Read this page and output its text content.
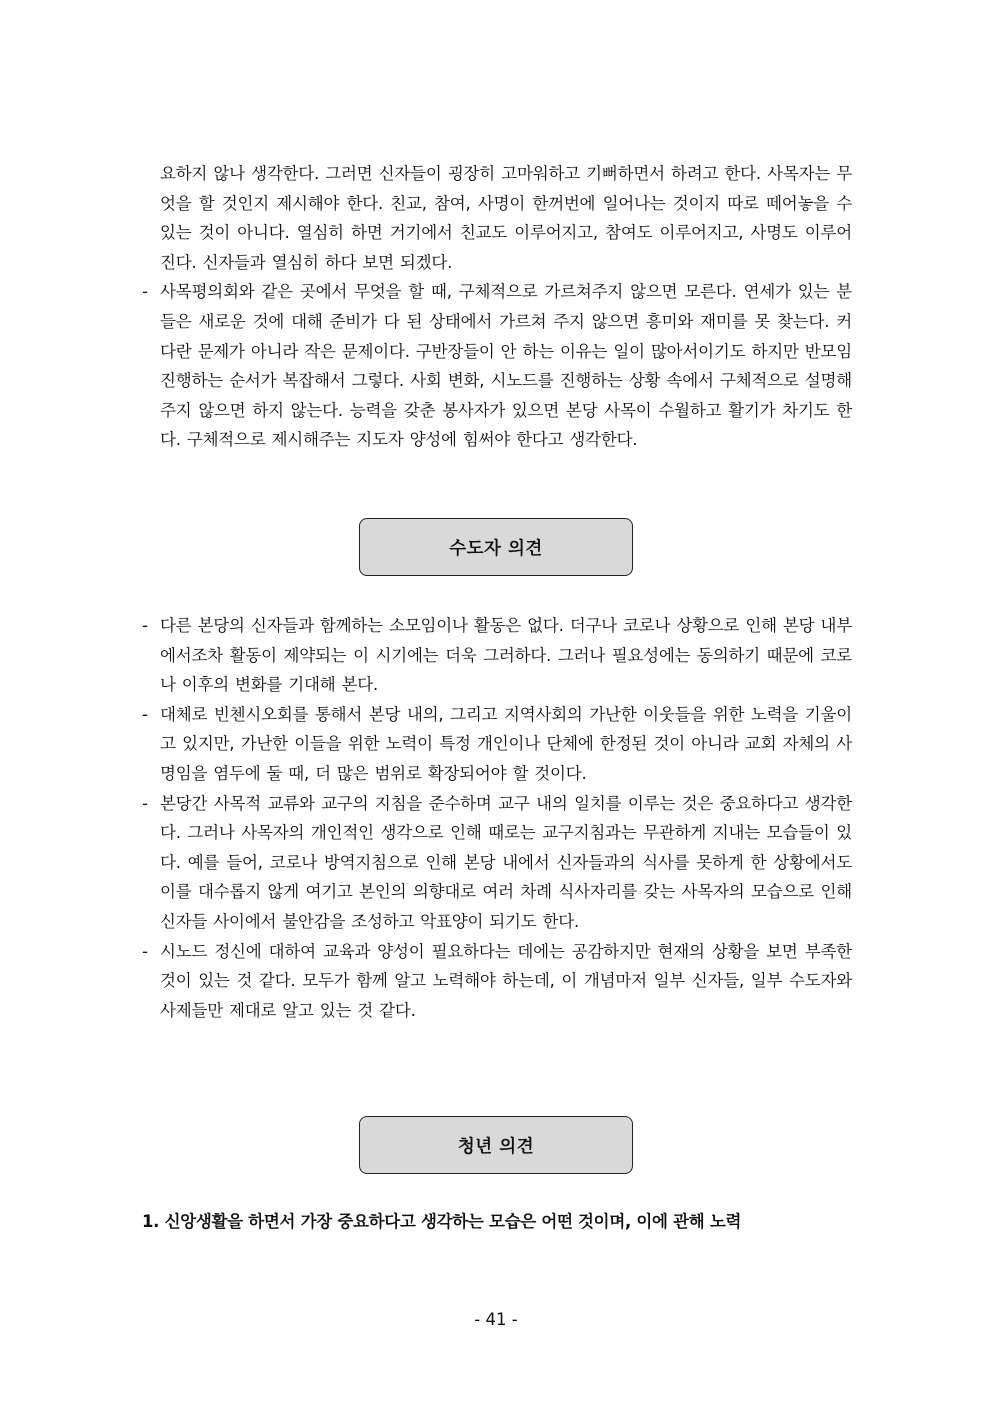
요하지 않나 생각한다. 그러면 신자들이 굉장히 고마워하고 기뻐하면서 하려고 한다. 사목자는 무엇을 할 것인지 제시해야 한다. 친교, 참여, 사명이 한꺼번에 일어나는 것이지 따로 떼어놓을 수 있는 것이 아니다. 열심히 하면 거기에서 친교도 이루어지고, 참여도 이루어지고, 사명도 이루어진다. 신자들과 열심히 하다 보면 되겠다.

- 사목평의회와 같은 곳에서 무엇을 할 때, 구체적으로 가르쳐주지 않으면 모른다. 연세가 있는 분들은 새로운 것에 대해 준비가 다 된 상태에서 가르쳐 주지 않으면 흥미와 재미를 못 찾는다. 커다란 문제가 아니라 작은 문제이다. 구반장들이 안 하는 이유는 일이 많아서이기도 하지만 반모임 진행하는 순서가 복잡해서 그렇다. 사회 변화, 시노드를 진행하는 상황 속에서 구체적으로 설명해주지 않으면 하지 않는다. 능력을 갖춘 봉사자가 있으면 본당 사목이 수월하고 활기가 차기도 한다. 구체적으로 제시해주는 지도자 양성에 힘써야 한다고 생각한다.

수도자 의견
- 다른 본당의 신자들과 함께하는 소모임이나 활동은 없다. 더구나 코로나 상황으로 인해 본당 내부에서조차 활동이 제약되는 이 시기에는 더욱 그러하다. 그러나 필요성에는 동의하기 때문에 코로나 이후의 변화를 기대해 본다.

- 대체로 빈첸시오회를 통해서 본당 내의, 그리고 지역사회의 가난한 이웃들을 위한 노력을 기울이고 있지만, 가난한 이들을 위한 노력이 특정 개인이나 단체에 한정된 것이 아니라 교회 자체의 사명임을 염두에 둘 때, 더 많은 범위로 확장되어야 할 것이다.

- 본당간 사목적 교류와 교구의 지침을 준수하며 교구 내의 일치를 이루는 것은 중요하다고 생각한다. 그러나 사목자의 개인적인 생각으로 인해 때로는 교구지침과는 무관하게 지내는 모습들이 있다. 예를 들어, 코로나 방역지침으로 인해 본당 내에서 신자들과의 식사를 못하게 한 상황에서도 이를 대수롭지 않게 여기고 본인의 의향대로 여러 차례 식사자리를 갖는 사목자의 모습으로 인해 신자들 사이에서 불안감을 조성하고 악표양이 되기도 한다.

- 시노드 정신에 대하여 교육과 양성이 필요하다는 데에는 공감하지만 현재의 상황을 보면 부족한 것이 있는 것 같다. 모두가 함께 알고 노력해야 하는데, 이 개념마저 일부 신자들, 일부 수도자와 사제들만 제대로 알고 있는 것 같다.

청년 의견
1. 신앙생활을 하면서 가장 중요하다고 생각하는 모습은 어떤 것이며, 이에 관해 노력
- 41 -
